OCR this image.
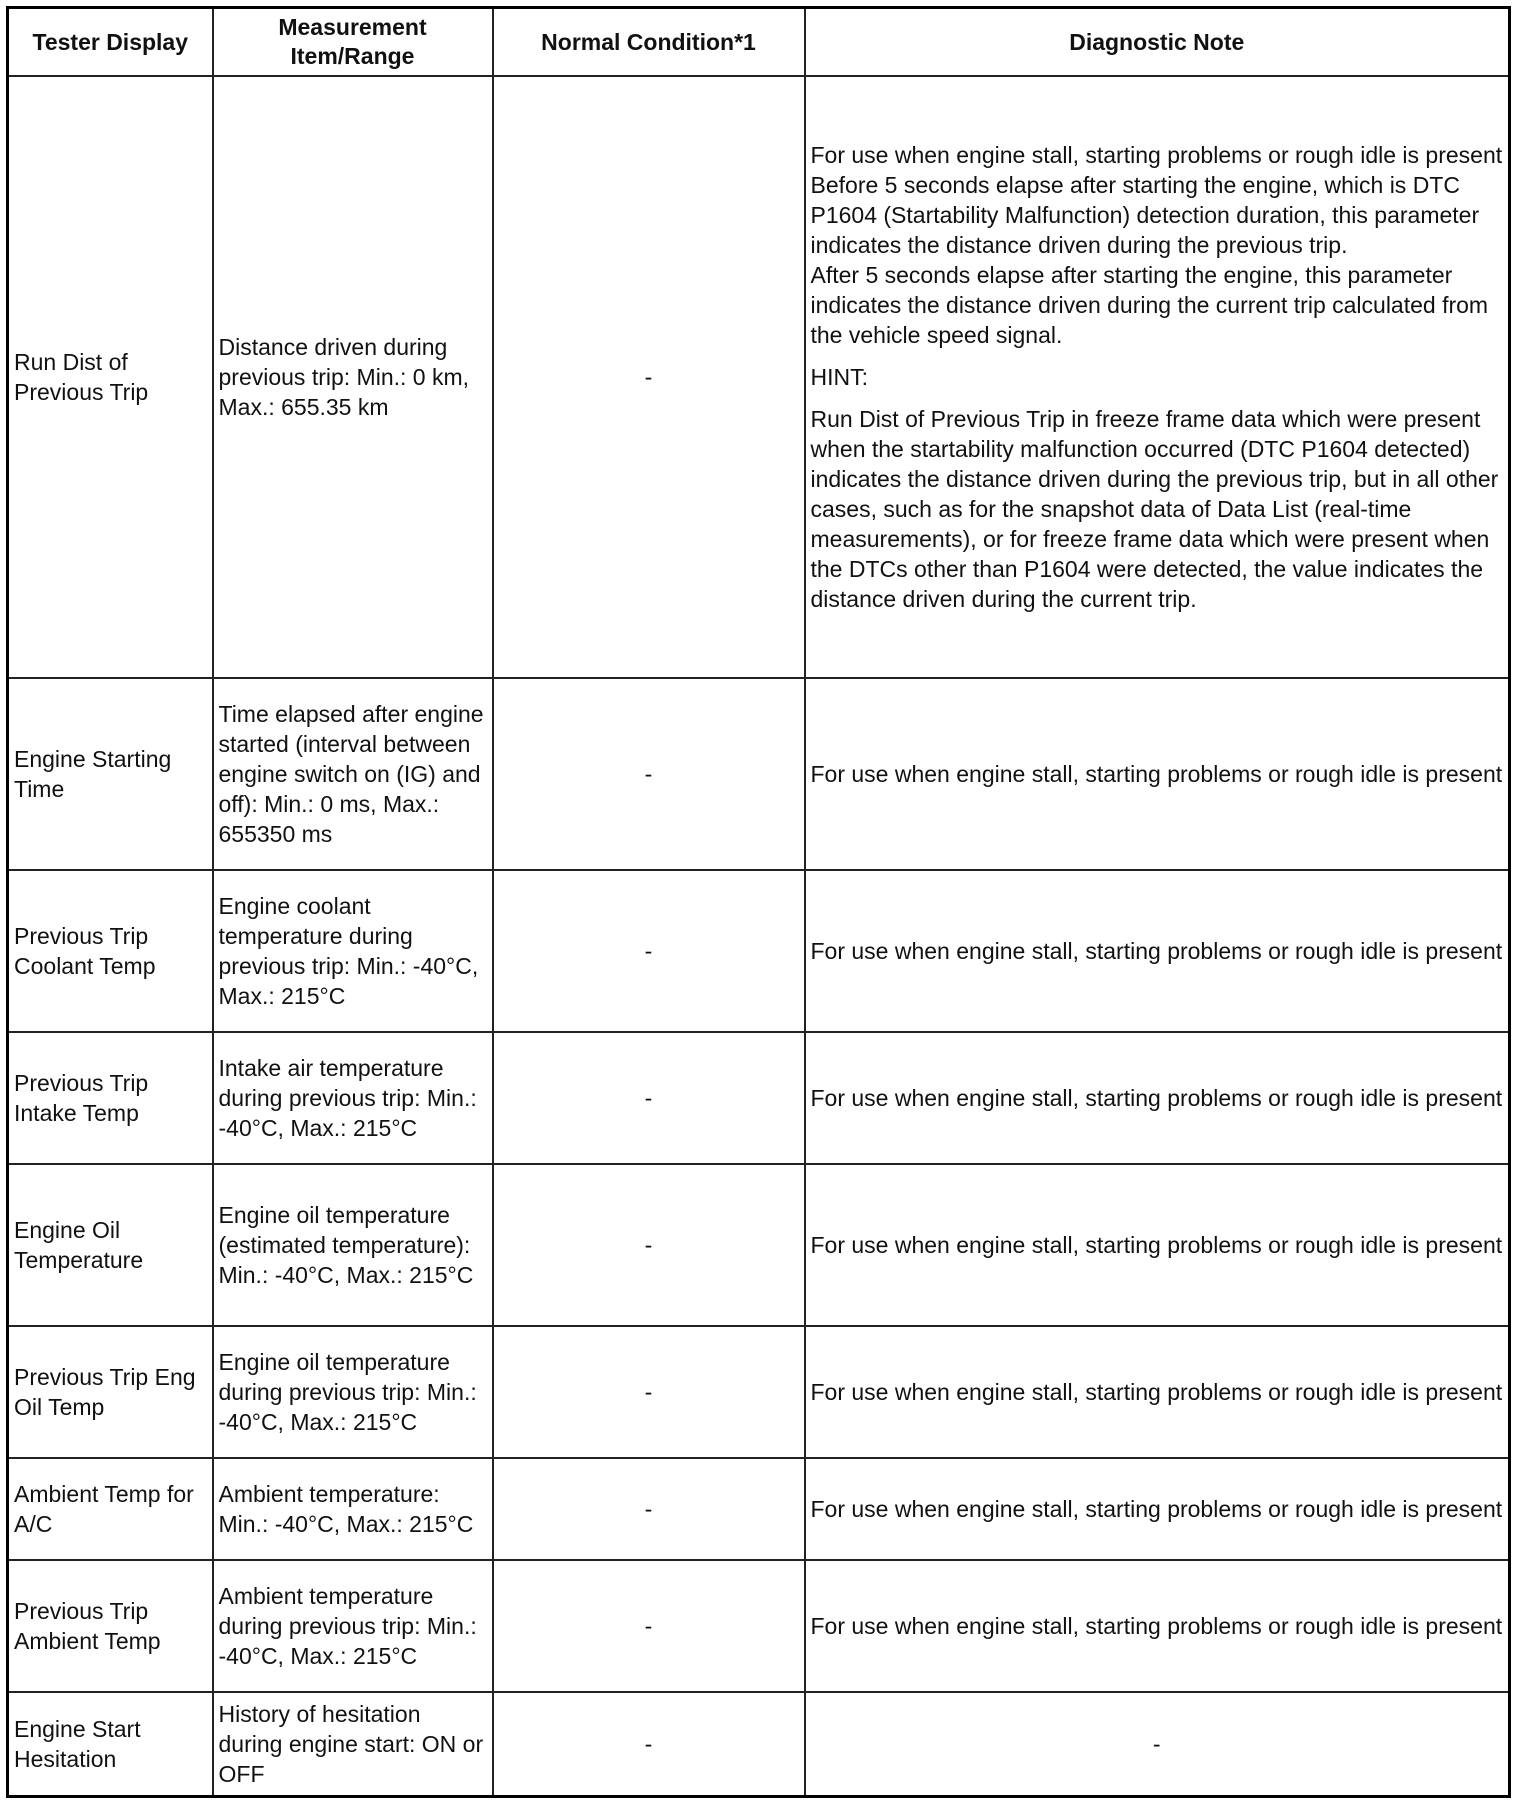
Tester Display	Measurement Item/Range	Normal Condition*1	Diagnostic Note
Run Dist of Previous Trip	Distance driven during previous trip: Min.: 0 km, Max.: 655.35 km	-	For use when engine stall, starting problems or rough idle is present
Before 5 seconds elapse after starting the engine, which is DTC P1604 (Startability Malfunction) detection duration, this parameter indicates the distance driven during the previous trip.
After 5 seconds elapse after starting the engine, this parameter indicates the distance driven during the current trip calculated from the vehicle speed signal.
HINT:
Run Dist of Previous Trip in freeze frame data which were present when the startability malfunction occurred (DTC P1604 detected) indicates the distance driven during the previous trip, but in all other cases, such as for the snapshot data of Data List (real-time measurements), or for freeze frame data which were present when the DTCs other than P1604 were detected, the value indicates the distance driven during the current trip.

Engine Starting Time	Time elapsed after engine started (interval between engine switch on (IG) and off): Min.: 0 ms, Max.: 655350 ms	-	For use when engine stall, starting problems or rough idle is present
Previous Trip Coolant Temp	Engine coolant temperature during previous trip: Min.: -40°C, Max.: 215°C	-	For use when engine stall, starting problems or rough idle is present
Previous Trip Intake Temp	Intake air temperature during previous trip: Min.: -40°C, Max.: 215°C	-	For use when engine stall, starting problems or rough idle is present
Engine Oil Temperature	Engine oil temperature (estimated temperature): Min.: -40°C, Max.: 215°C	-	For use when engine stall, starting problems or rough idle is present
Previous Trip Eng Oil Temp	Engine oil temperature during previous trip: Min.: -40°C, Max.: 215°C	-	For use when engine stall, starting problems or rough idle is present
Ambient Temp for A/C	Ambient temperature: Min.: -40°C, Max.: 215°C	-	For use when engine stall, starting problems or rough idle is present
Previous Trip Ambient Temp	Ambient temperature during previous trip: Min.: -40°C, Max.: 215°C	-	For use when engine stall, starting problems or rough idle is present
Engine Start Hesitation	History of hesitation during engine start: ON or OFF	-	-
